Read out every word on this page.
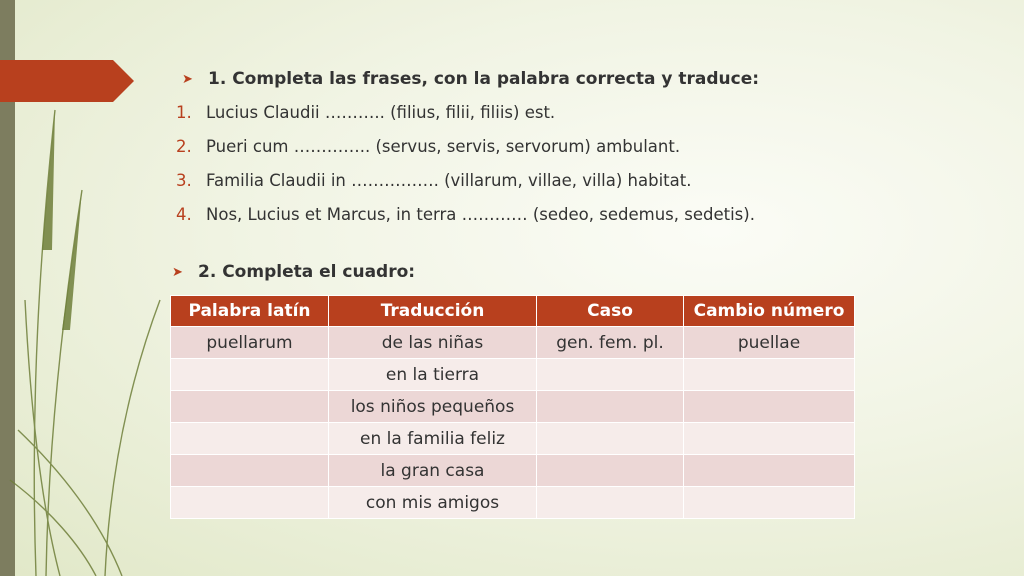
➤ 1. Completa las frases, con la palabra correcta y traduce:
1. Lucius Claudii ……….. (filius, filii, filiis) est.
2. Pueri cum ………….. (servus, servis, servorum) ambulant.
3. Familia Claudii in ……………. (villarum, villae, villa) habitat.
4. Nos, Lucius et Marcus, in terra ………… (sedeo, sedemus, sedetis).
➤ 2. Completa el cuadro:
Palabra latín	Traducción	Caso	Cambio número
puellarum	de las niñas	gen. fem. pl.	puellae
	en la tierra		
	los niños pequeños		
	en la familia feliz		
	la gran casa		
	con mis amigos		
